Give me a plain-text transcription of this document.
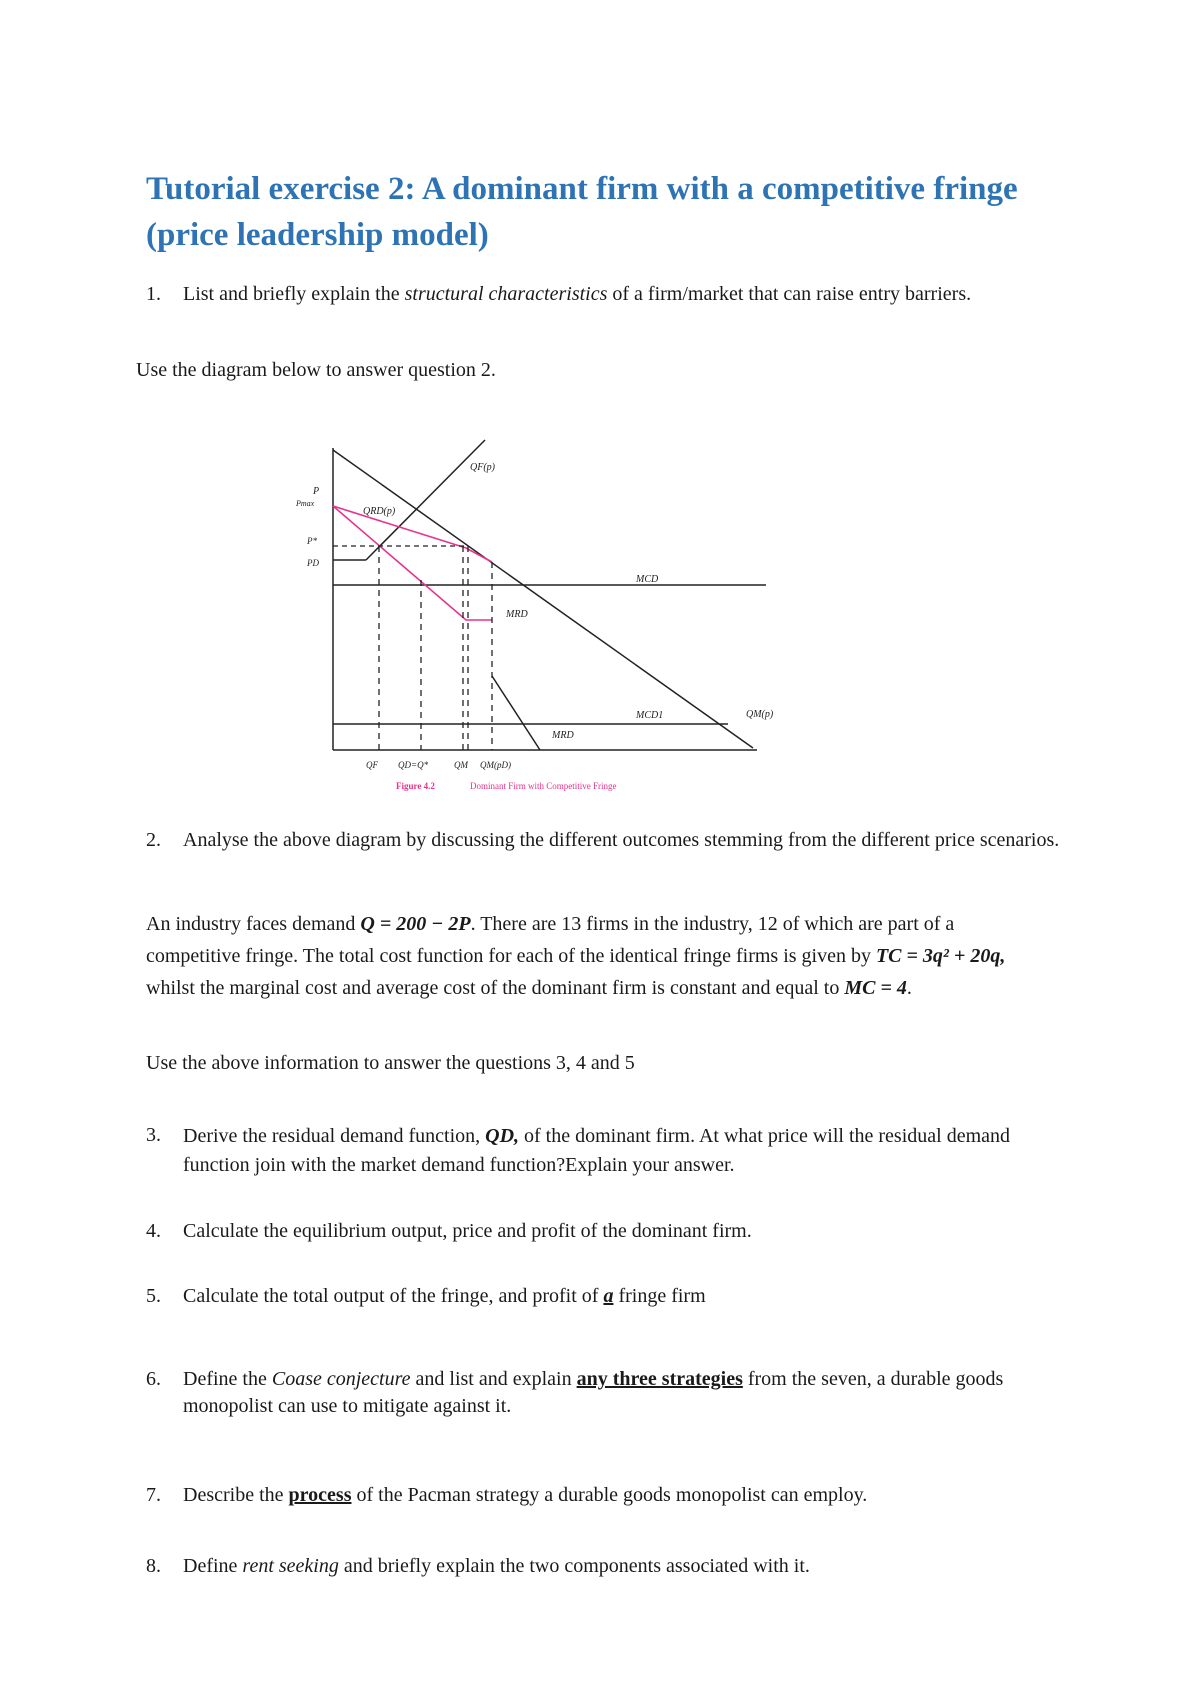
Tutorial exercise 2: A dominant firm with a competitive fringe (price leadership model)
1. List and briefly explain the structural characteristics of a firm/market that can raise entry barriers.
Use the diagram below to answer question 2.
P
Pmax
P*
PD
QF(p)
QRD(p)
MCD
MRD
MCD1	QM(p)
MRD
QF QD=Q*	QM QM(pD)
Figure 4.2	Dominant Firm with Competitive Fringe
2. Analyse the above diagram by discussing the different outcomes stemming from the different price scenarios.
An industry faces demand Q = 200 − 2P. There are 13 firms in the industry, 12 of which are part of a competitive fringe. The total cost function for each of the identical fringe firms is given by TC = 3q² + 20q, whilst the marginal cost and average cost of the dominant firm is constant and equal to MC = 4.
Use the above information to answer the questions 3, 4 and 5
3. Derive the residual demand function, QD, of the dominant firm. At what price will the residual demand function join with the market demand function?Explain your answer.
4. Calculate the equilibrium output, price and profit of the dominant firm.
5. Calculate the total output of the fringe, and profit of a fringe firm
6. Define the Coase conjecture and list and explain any three strategies from the seven, a durable goods monopolist can use to mitigate against it.
7. Describe the process of the Pacman strategy a durable goods monopolist can employ.
8. Define rent seeking and briefly explain the two components associated with it.
